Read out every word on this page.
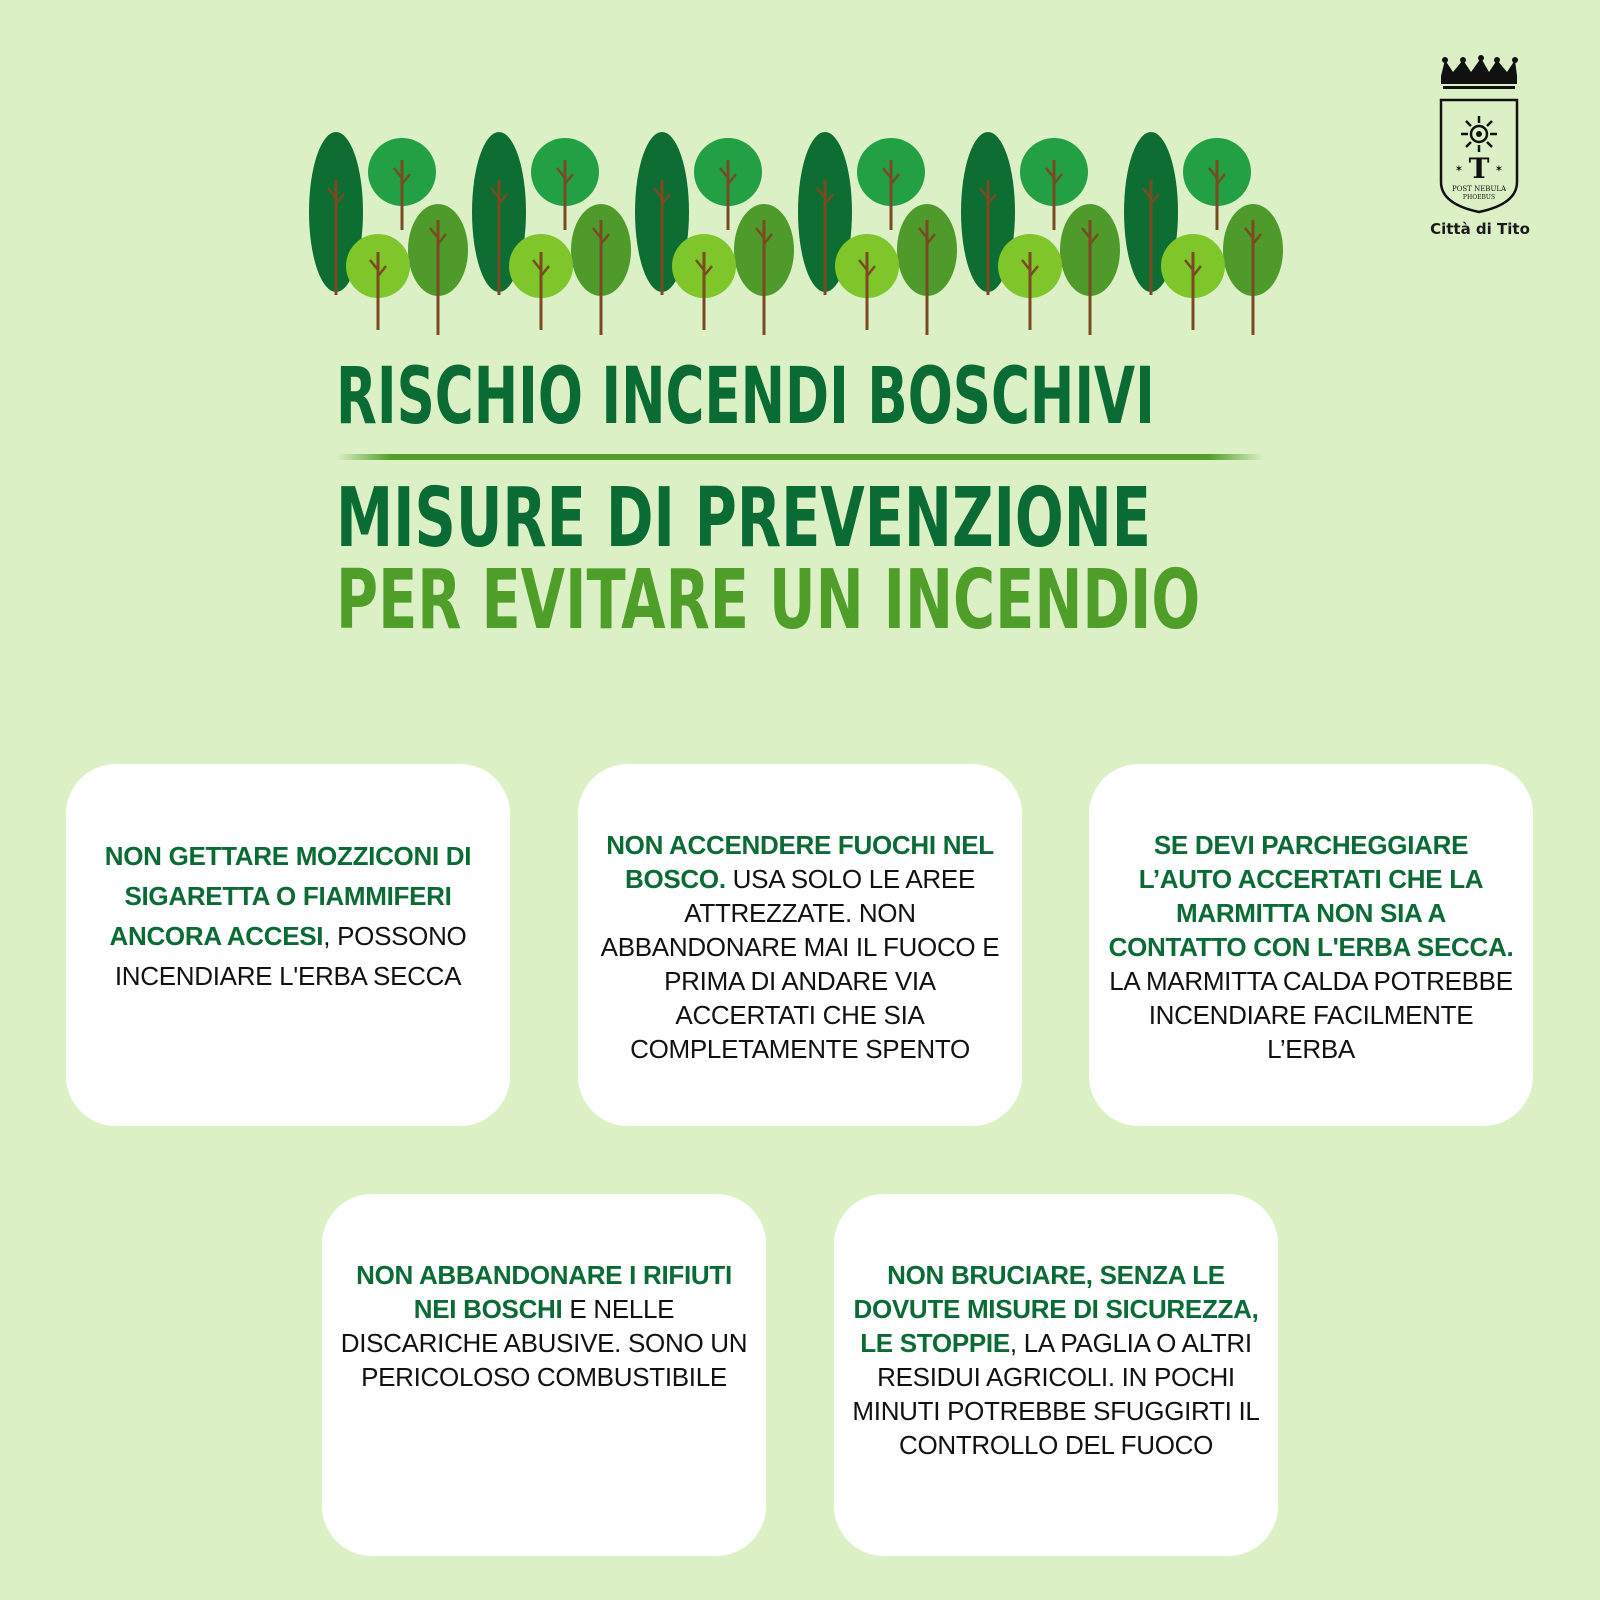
T
✶	✶
POST NEBULA
PHOEBUS
Città di Tito
RISCHIO INCENDI BOSCHIVI
MISURE DI PREVENZIONE
PER EVITARE UN INCENDIO
NON GETTARE MOZZICONI DI SIGARETTA O FIAMMIFERI ANCORA ACCESI, POSSONO INCENDIARE L'ERBA SECCA
NON ACCENDERE FUOCHI NEL BOSCO. USA SOLO LE AREE ATTREZZATE. NON ABBANDONARE MAI IL FUOCO E PRIMA DI ANDARE VIA ACCERTATI CHE SIA COMPLETAMENTE SPENTO
SE DEVI PARCHEGGIARE L’AUTO ACCERTATI CHE LA MARMITTA NON SIA A CONTATTO CON L'ERBA SECCA. LA MARMITTA CALDA POTREBBE INCENDIARE FACILMENTE L’ERBA
NON ABBANDONARE I RIFIUTI NEI BOSCHI E NELLE DISCARICHE ABUSIVE. SONO UN PERICOLOSO COMBUSTIBILE
NON BRUCIARE, SENZA LE DOVUTE MISURE DI SICUREZZA, LE STOPPIE, LA PAGLIA O ALTRI RESIDUI AGRICOLI. IN POCHI MINUTI POTREBBE SFUGGIRTI IL CONTROLLO DEL FUOCO
